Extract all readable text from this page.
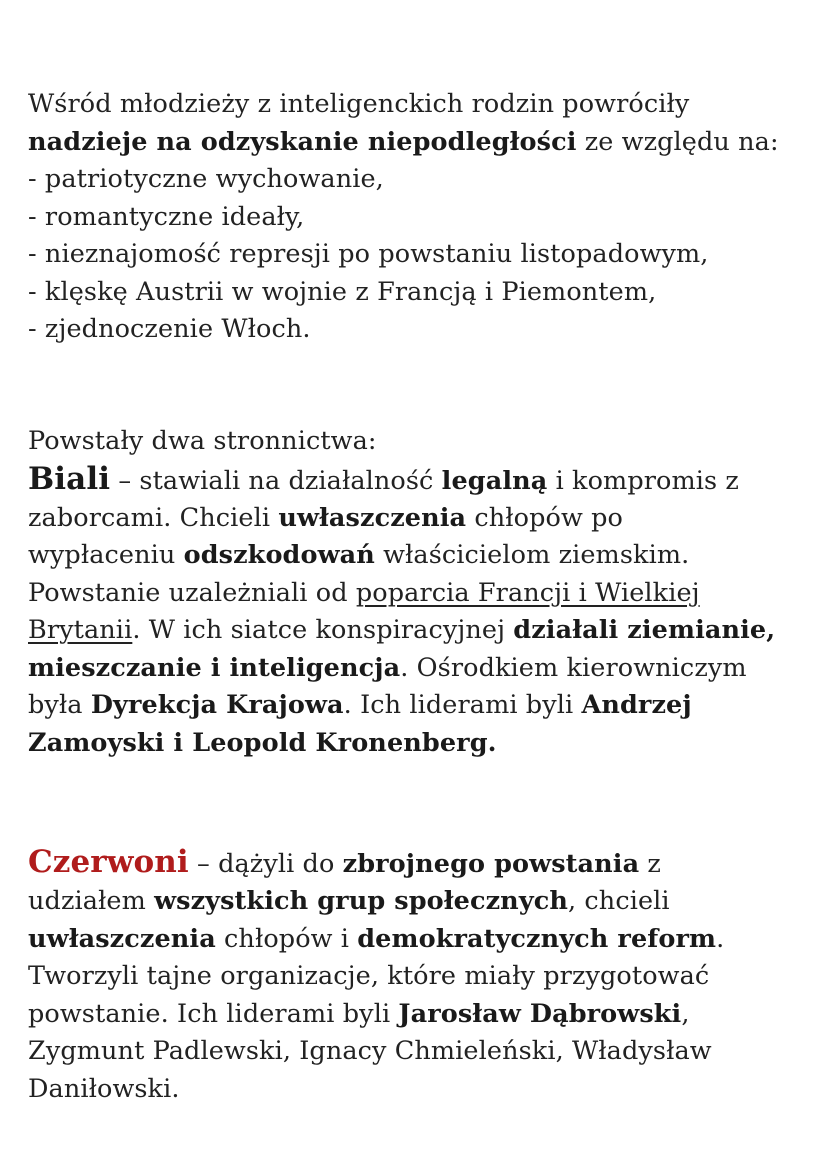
Wśród młodzieży z inteligenckich rodzin powróciły
nadzieje na odzyskanie niepodległości ze względu na:
- patriotyczne wychowanie,
- romantyczne ideały,
- nieznajomość represji po powstaniu listopadowym,
- klęskę Austrii w wojnie z Francją i Piemontem,
- zjednoczenie Włoch.
Powstały dwa stronnictwa:
Biali – stawiali na działalność legalną i kompromis z
zaborcami. Chcieli uwłaszczenia chłopów po
wypłaceniu odszkodowań właścicielom ziemskim.
Powstanie uzależniali od poparcia Francji i Wielkiej
Brytanii. W ich siatce konspiracyjnej działali ziemianie,
mieszczanie i inteligencja. Ośrodkiem kierowniczym
była Dyrekcja Krajowa. Ich liderami byli Andrzej
Zamoyski i Leopold Kronenberg.
Czerwoni – dążyli do zbrojnego powstania z
udziałem wszystkich grup społecznych, chcieli
uwłaszczenia chłopów i demokratycznych reform.
Tworzyli tajne organizacje, które miały przygotować
powstanie. Ich liderami byli Jarosław Dąbrowski,
Zygmunt Padlewski, Ignacy Chmieleński, Władysław
Daniłowski.
